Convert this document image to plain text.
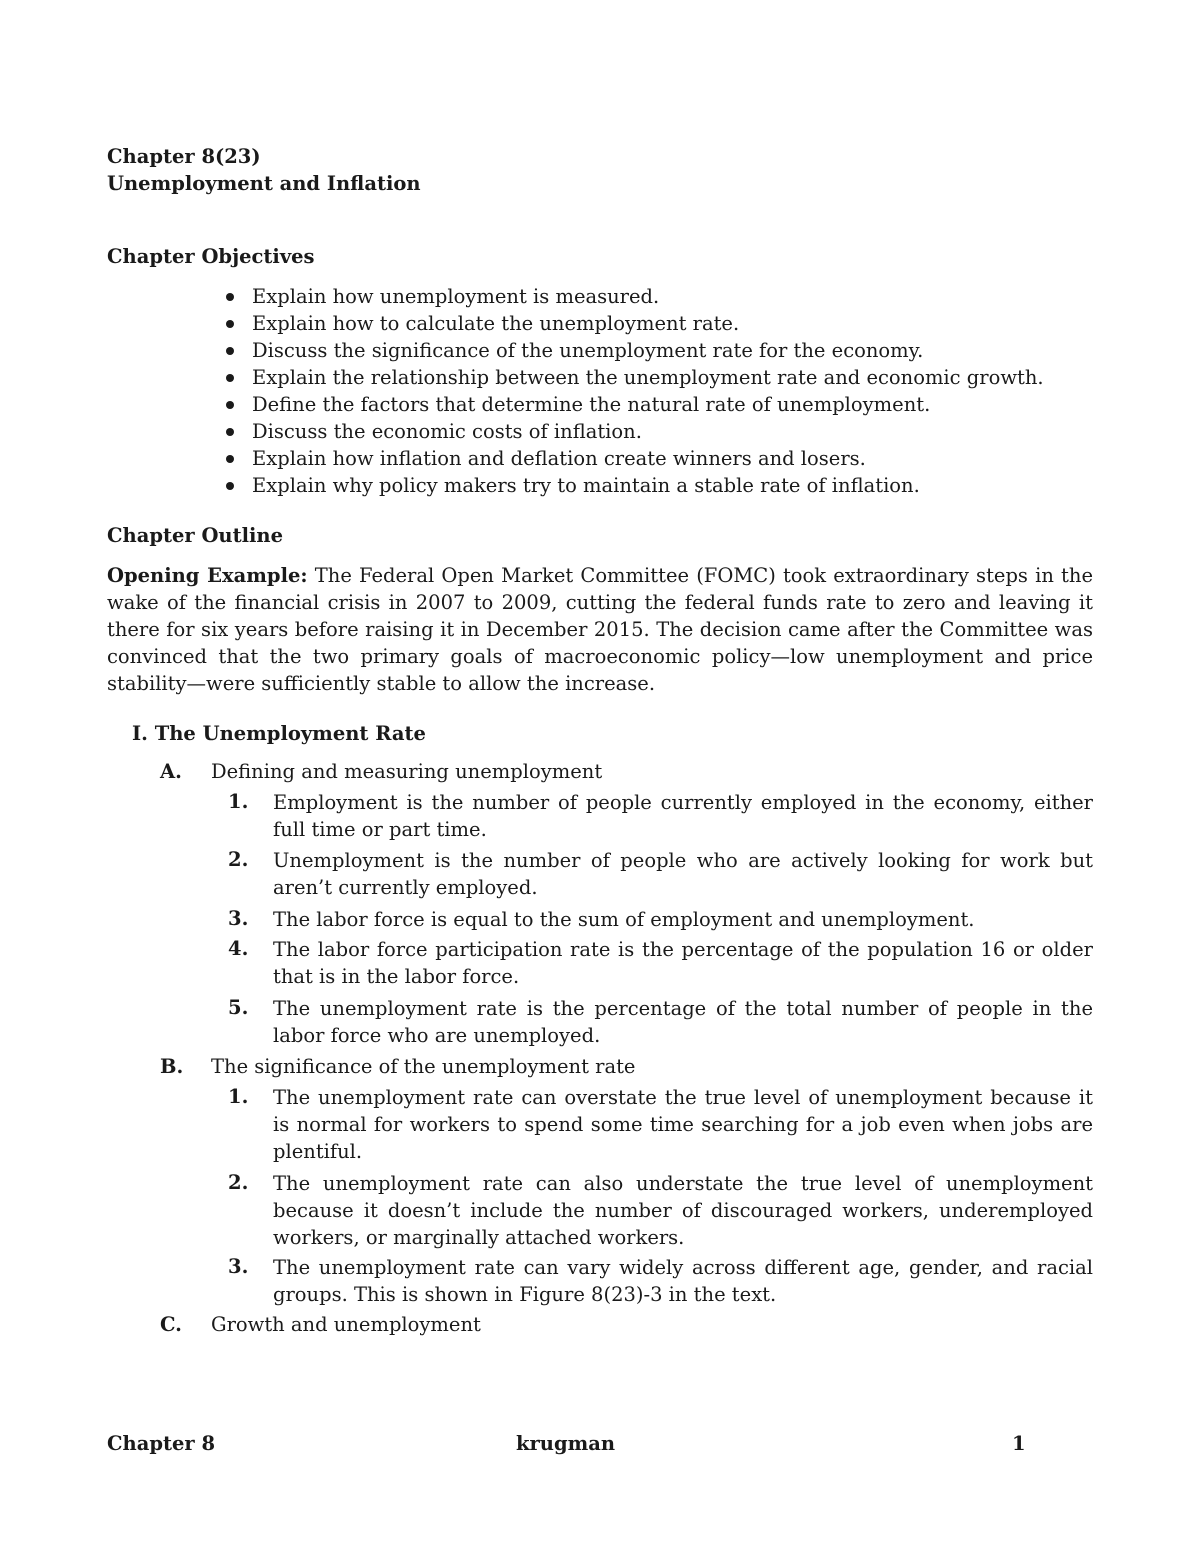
Chapter 8(23)
Unemployment and Inflation
Chapter Objectives
Explain how unemployment is measured.
Explain how to calculate the unemployment rate.
Discuss the significance of the unemployment rate for the economy.
Explain the relationship between the unemployment rate and economic growth.
Define the factors that determine the natural rate of unemployment.
Discuss the economic costs of inflation.
Explain how inflation and deflation create winners and losers.
Explain why policy makers try to maintain a stable rate of inflation.
Chapter Outline
Opening Example: The Federal Open Market Committee (FOMC) took extraordinary steps in the wake of the financial crisis in 2007 to 2009, cutting the federal funds rate to zero and leaving it there for six years before raising it in December 2015. The decision came after the Committee was convinced that the two primary goals of macroeconomic policy—low unemployment and price stability—were sufficiently stable to allow the increase.
I. The Unemployment Rate
A. Defining and measuring unemployment
1. Employment is the number of people currently employed in the economy, either full time or part time.
2. Unemployment is the number of people who are actively looking for work but aren’t currently employed.
3. The labor force is equal to the sum of employment and unemployment.
4. The labor force participation rate is the percentage of the population 16 or older that is in the labor force.
5. The unemployment rate is the percentage of the total number of people in the labor force who are unemployed.
B. The significance of the unemployment rate
1. The unemployment rate can overstate the true level of unemployment because it is normal for workers to spend some time searching for a job even when jobs are plentiful.
2. The unemployment rate can also understate the true level of unemployment because it doesn’t include the number of discouraged workers, underemployed workers, or marginally attached workers.
3. The unemployment rate can vary widely across different age, gender, and racial groups. This is shown in Figure 8(23)-3 in the text.
C. Growth and unemployment
Chapter 8	krugman	1
